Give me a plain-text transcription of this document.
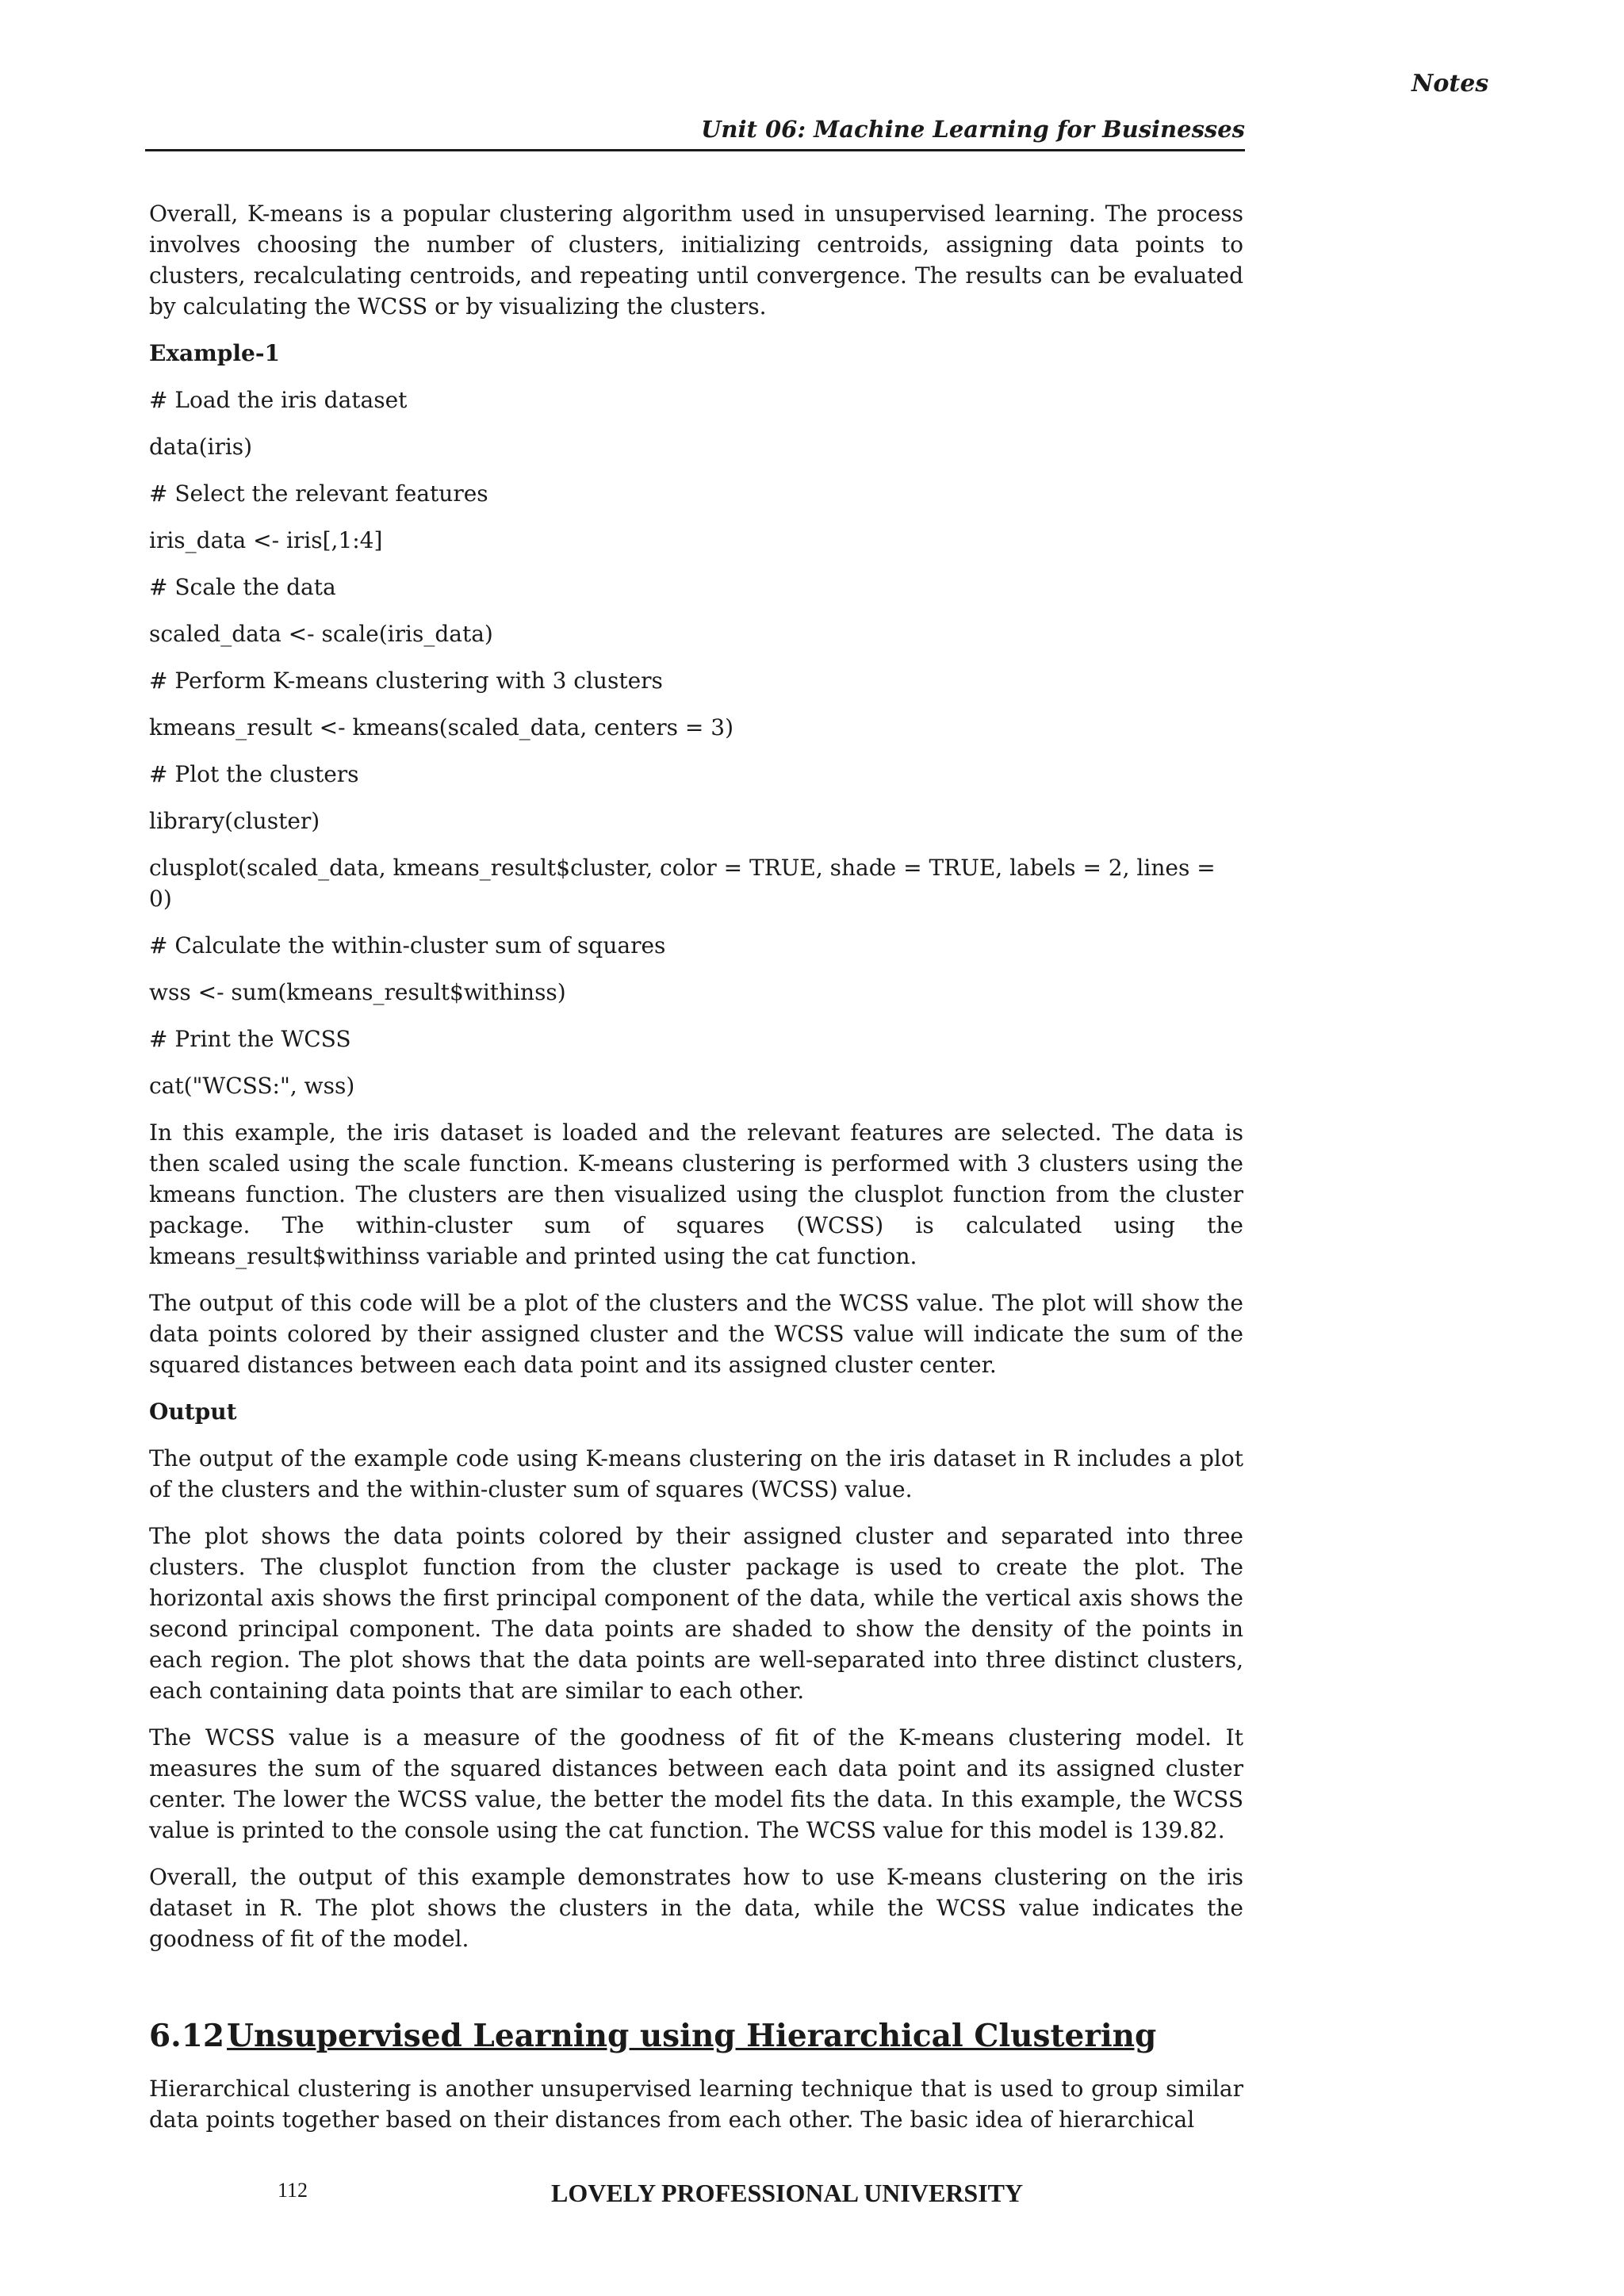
Notes
Unit 06: Machine Learning for Businesses

Overall, K-means is a popular clustering algorithm used in unsupervised learning. The process involves choosing the number of clusters, initializing centroids, assigning data points to clusters, recalculating centroids, and repeating until convergence. The results can be evaluated by calculating the WCSS or by visualizing the clusters.

Example-1

# Load the iris dataset

data(iris)

# Select the relevant features

iris_data <- iris[,1:4]

# Scale the data

scaled_data <- scale(iris_data)

# Perform K-means clustering with 3 clusters

kmeans_result <- kmeans(scaled_data, centers = 3)

# Plot the clusters

library(cluster)

clusplot(scaled_data, kmeans_result$cluster, color = TRUE, shade = TRUE, labels = 2, lines = 0)

# Calculate the within-cluster sum of squares

wss <- sum(kmeans_result$withinss)

# Print the WCSS

cat("WCSS:", wss)

In this example, the iris dataset is loaded and the relevant features are selected. The data is then scaled using the scale function. K-means clustering is performed with 3 clusters using the kmeans function. The clusters are then visualized using the clusplot function from the cluster package. The within-cluster sum of squares (WCSS) is calculated using the kmeans_result$withinss variable and printed using the cat function.

The output of this code will be a plot of the clusters and the WCSS value. The plot will show the data points colored by their assigned cluster and the WCSS value will indicate the sum of the squared distances between each data point and its assigned cluster center.

Output

The output of the example code using K-means clustering on the iris dataset in R includes a plot of the clusters and the within-cluster sum of squares (WCSS) value.

The plot shows the data points colored by their assigned cluster and separated into three clusters. The clusplot function from the cluster package is used to create the plot. The horizontal axis shows the first principal component of the data, while the vertical axis shows the second principal component. The data points are shaded to show the density of the points in each region. The plot shows that the data points are well-separated into three distinct clusters, each containing data points that are similar to each other.

The WCSS value is a measure of the goodness of fit of the K-means clustering model. It measures the sum of the squared distances between each data point and its assigned cluster center. The lower the WCSS value, the better the model fits the data. In this example, the WCSS value is printed to the console using the cat function. The WCSS value for this model is 139.82.

Overall, the output of this example demonstrates how to use K-means clustering on the iris dataset in R. The plot shows the clusters in the data, while the WCSS value indicates the goodness of fit of the model.

6.12Unsupervised Learning using Hierarchical Clustering

Hierarchical clustering is another unsupervised learning technique that is used to group similar data points together based on their distances from each other. The basic idea of hierarchical

112	LOVELY PROFESSIONAL UNIVERSITY
